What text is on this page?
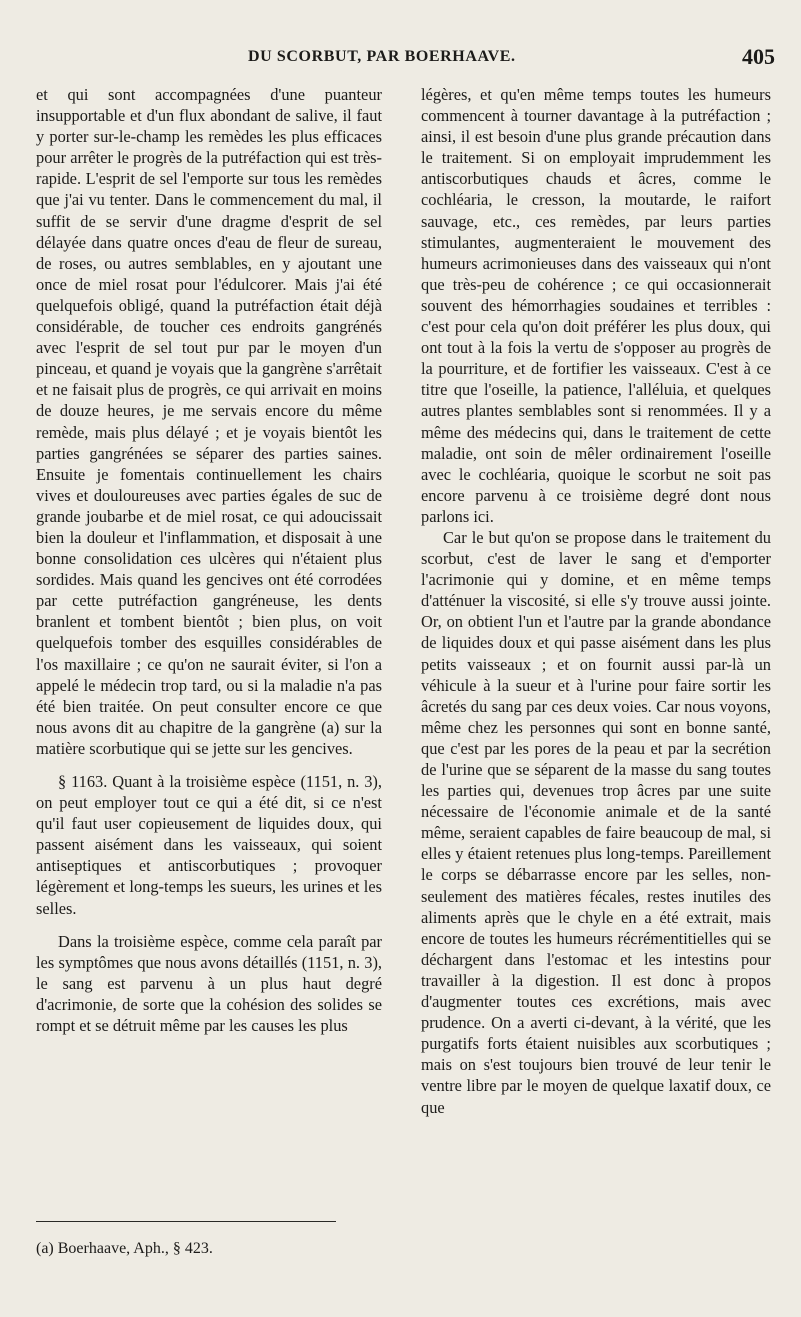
DU SCORBUT, PAR BOERHAAVE.	405

et qui sont accompagnées d'une puanteur insupportable et d'un flux abondant de salive, il faut y porter sur-le-champ les remèdes les plus efficaces pour arrêter le progrès de la putréfaction qui est très-rapide. L'esprit de sel l'emporte sur tous les remèdes que j'ai vu tenter. Dans le commencement du mal, il suffit de se servir d'une dragme d'esprit de sel délayée dans quatre onces d'eau de fleur de sureau, de roses, ou autres semblables, en y ajoutant une once de miel rosat pour l'édulcorer. Mais j'ai été quelquefois obligé, quand la putréfaction était déjà considérable, de toucher ces endroits gangrénés avec l'esprit de sel tout pur par le moyen d'un pinceau, et quand je voyais que la gangrène s'arrêtait et ne faisait plus de progrès, ce qui arrivait en moins de douze heures, je me servais encore du même remède, mais plus délayé ; et je voyais bientôt les parties gangrénées se séparer des parties saines. Ensuite je fomentais continuellement les chairs vives et douloureuses avec parties égales de suc de grande joubarbe et de miel rosat, ce qui adoucissait bien la douleur et l'inflammation, et disposait à une bonne consolidation ces ulcères qui n'étaient plus sordides. Mais quand les gencives ont été corrodées par cette putréfaction gangréneuse, les dents branlent et tombent bientôt ; bien plus, on voit quelquefois tomber des esquilles considérables de l'os maxillaire ; ce qu'on ne saurait éviter, si l'on a appelé le médecin trop tard, ou si la maladie n'a pas été bien traitée. On peut consulter encore ce que nous avons dit au chapitre de la gangrène (a) sur la matière scorbutique qui se jette sur les gencives.

§ 1163. Quant à la troisième espèce (1151, n. 3), on peut employer tout ce qui a été dit, si ce n'est qu'il faut user copieusement de liquides doux, qui passent aisément dans les vaisseaux, qui soient antiseptiques et antiscorbutiques ; provoquer légèrement et long-temps les sueurs, les urines et les selles.

Dans la troisième espèce, comme cela paraît par les symptômes que nous avons détaillés (1151, n. 3), le sang est parvenu à un plus haut degré d'acrimonie, de sorte que la cohésion des solides se rompt et se détruit même par les causes les plus

légères, et qu'en même temps toutes les humeurs commencent à tourner davantage à la putréfaction ; ainsi, il est besoin d'une plus grande précaution dans le traitement. Si on employait imprudemment les antiscorbutiques chauds et âcres, comme le cochléaria, le cresson, la moutarde, le raifort sauvage, etc., ces remèdes, par leurs parties stimulantes, augmenteraient le mouvement des humeurs acrimonieuses dans des vaisseaux qui n'ont que très-peu de cohérence ; ce qui occasionnerait souvent des hémorrhagies soudaines et terribles : c'est pour cela qu'on doit préférer les plus doux, qui ont tout à la fois la vertu de s'opposer au progrès de la pourriture, et de fortifier les vaisseaux. C'est à ce titre que l'oseille, la patience, l'alléluia, et quelques autres plantes semblables sont si renommées. Il y a même des médecins qui, dans le traitement de cette maladie, ont soin de mêler ordinairement l'oseille avec le cochléaria, quoique le scorbut ne soit pas encore parvenu à ce troisième degré dont nous parlons ici.

Car le but qu'on se propose dans le traitement du scorbut, c'est de laver le sang et d'emporter l'acrimonie qui y domine, et en même temps d'atténuer la viscosité, si elle s'y trouve aussi jointe. Or, on obtient l'un et l'autre par la grande abondance de liquides doux et qui passe aisément dans les plus petits vaisseaux ; et on fournit aussi par-là un véhicule à la sueur et à l'urine pour faire sortir les âcretés du sang par ces deux voies. Car nous voyons, même chez les personnes qui sont en bonne santé, que c'est par les pores de la peau et par la secrétion de l'urine que se séparent de la masse du sang toutes les parties qui, devenues trop âcres par une suite nécessaire de l'économie animale et de la santé même, seraient capables de faire beaucoup de mal, si elles y étaient retenues plus long-temps. Pareillement le corps se débarrasse encore par les selles, non-seulement des matières fécales, restes inutiles des aliments après que le chyle en a été extrait, mais encore de toutes les humeurs récrémentitielles qui se déchargent dans l'estomac et les intestins pour travailler à la digestion. Il est donc à propos d'augmenter toutes ces excrétions, mais avec prudence. On a averti ci-devant, à la vérité, que les purgatifs forts étaient nuisibles aux scorbutiques ; mais on s'est toujours bien trouvé de leur tenir le ventre libre par le moyen de quelque laxatif doux, ce que

(a) Boerhaave, Aph., § 423.
